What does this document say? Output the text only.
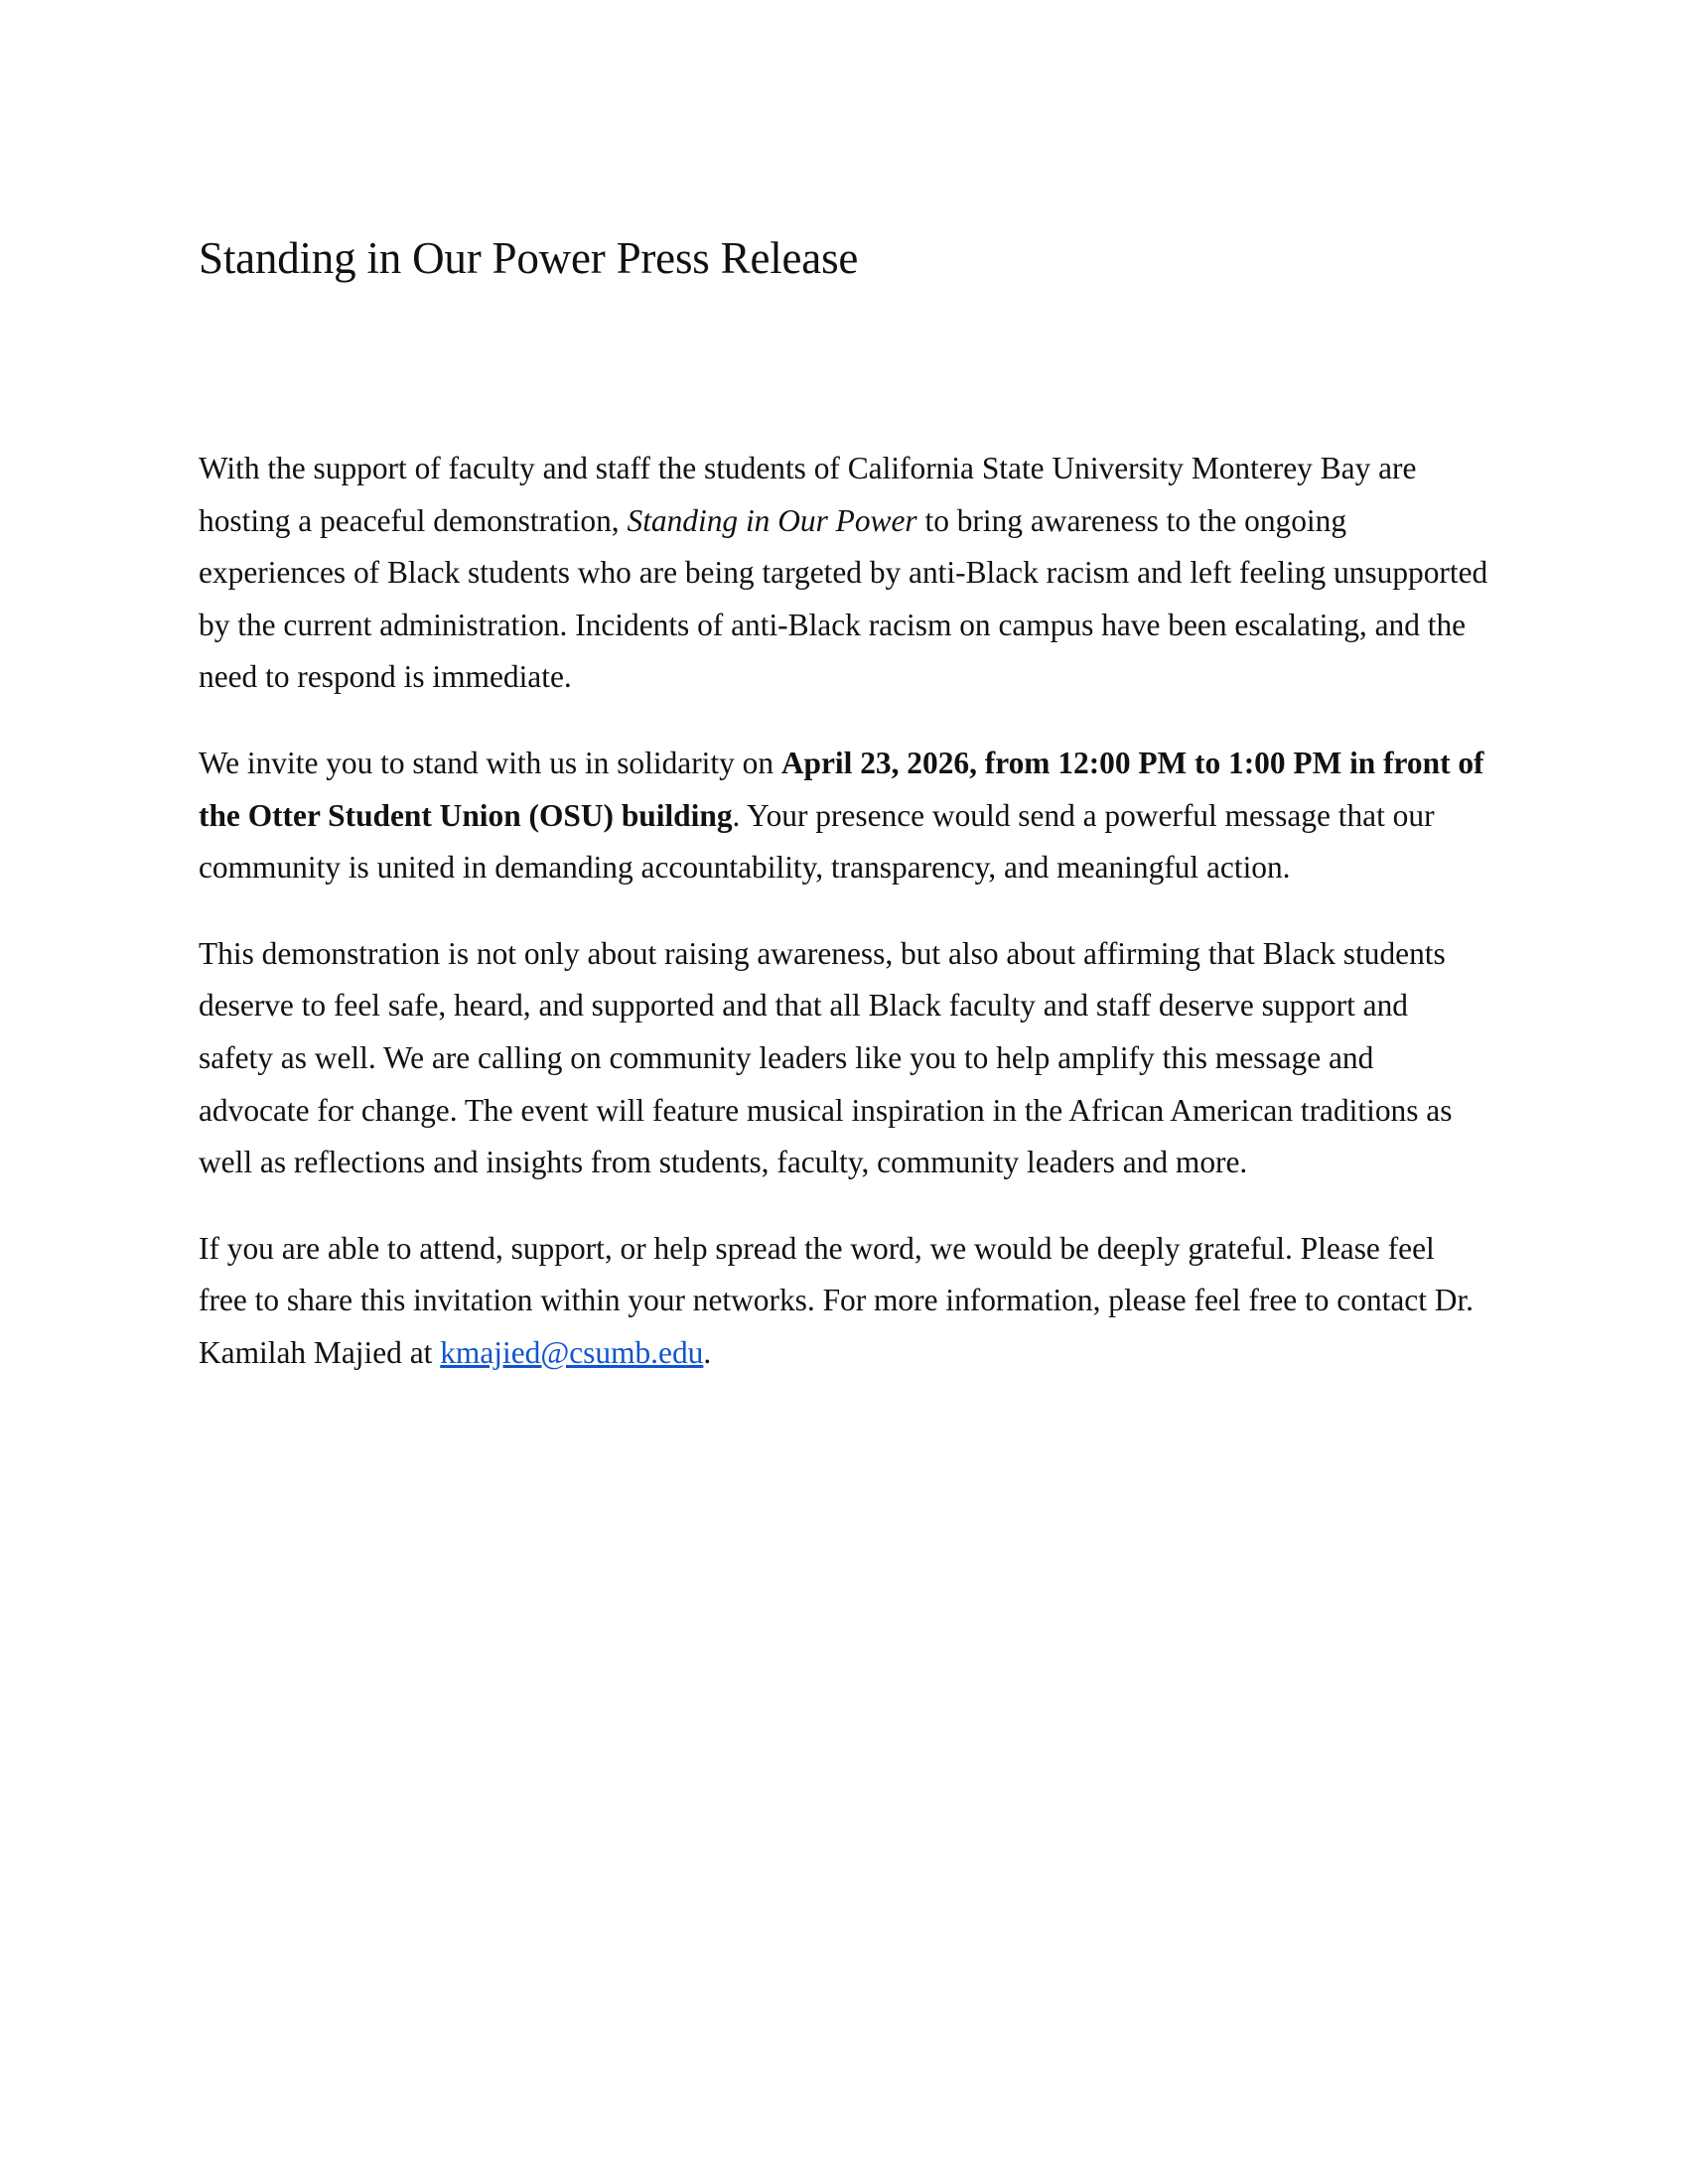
Standing in Our Power Press Release

With the support of faculty and staff the students of California State University Monterey Bay are hosting a peaceful demonstration, Standing in Our Power to bring awareness to the ongoing experiences of Black students who are being targeted by anti-Black racism and left feeling unsupported by the current administration. Incidents of anti-Black racism on campus have been escalating, and the need to respond is immediate.

We invite you to stand with us in solidarity on April 23, 2026, from 12:00 PM to 1:00 PM in front of the Otter Student Union (OSU) building. Your presence would send a powerful message that our community is united in demanding accountability, transparency, and meaningful action.

This demonstration is not only about raising awareness, but also about affirming that Black students deserve to feel safe, heard, and supported and that all Black faculty and staff deserve support and safety as well. We are calling on community leaders like you to help amplify this message and advocate for change. The event will feature musical inspiration in the African American traditions as well as reflections and insights from students, faculty, community leaders and more.

If you are able to attend, support, or help spread the word, we would be deeply grateful. Please feel free to share this invitation within your networks. For more information, please feel free to contact Dr. Kamilah Majied at kmajied@csumb.edu.
